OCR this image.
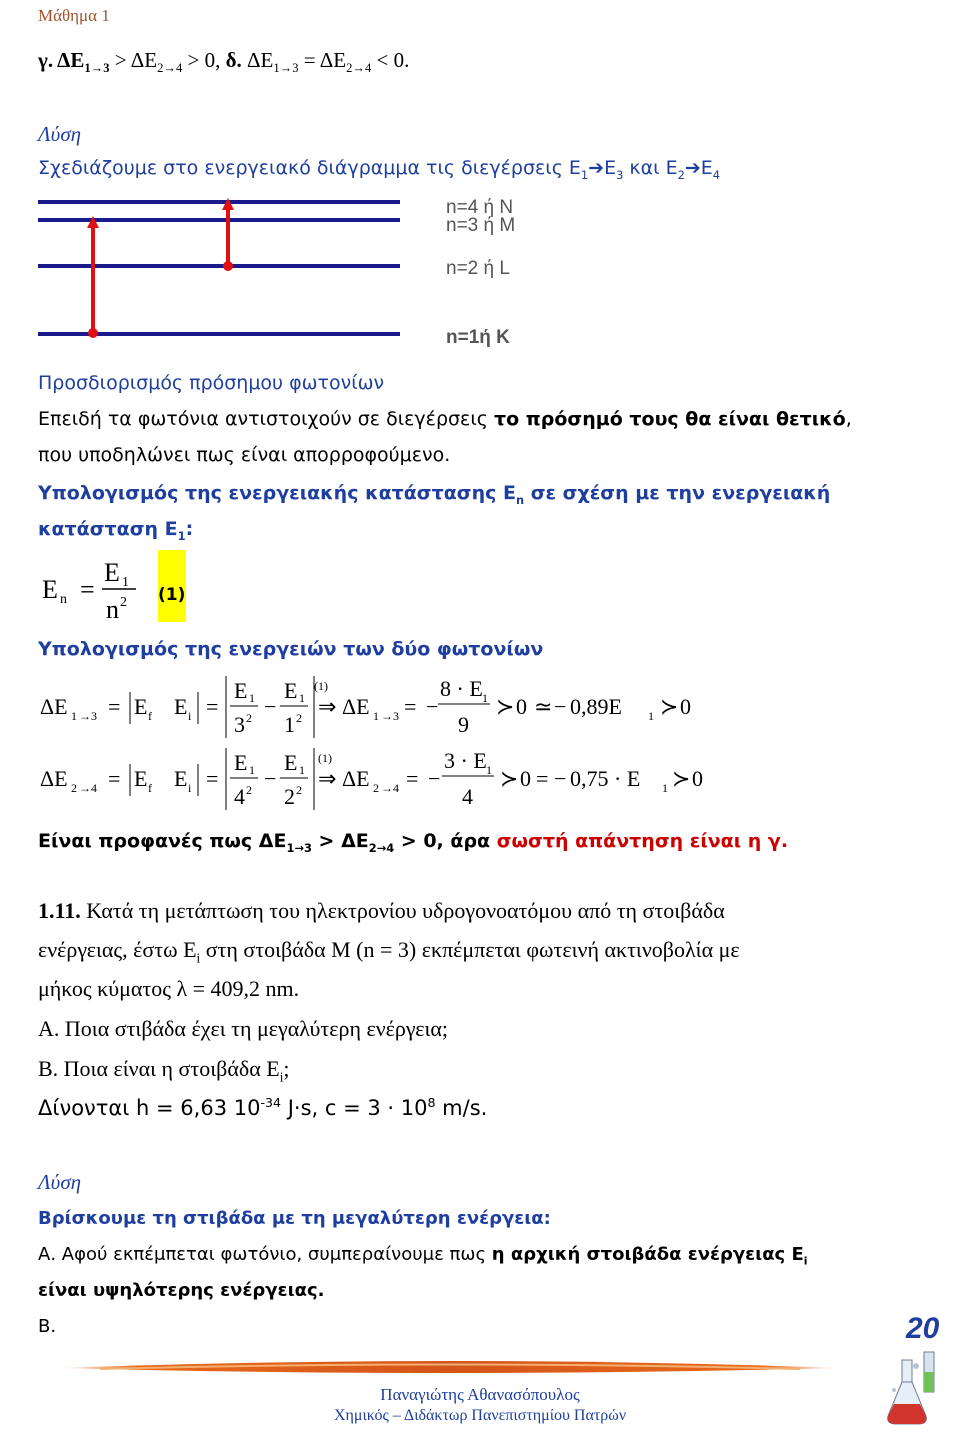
Μάθημα 1
γ. $\Delta E_{1\to 3} > \Delta E_{2\to 4} > 0$, δ. $\Delta E_{1\to 3} = \Delta E_{2\to 4} < 0$.
Λύση
Σχεδιάζουμε στο ενεργειακό διάγραμμα τις διεγέρσεις $E_1➔E_3$ και $E_2➔E_4$
n=4 ή N
n=3 ή M
n=2 ή L
n=1ή K
Προσδιορισμός πρόσημου φωτονίων
Επειδή τα φωτόνια αντιστοιχούν σε διεγέρσεις το πρόσημό τους θα είναι θετικό,
που υποδηλώνει πως είναι απορροφούμενο.
Υπολογισμός της ενεργειακής κατάστασης $E_n$ σε σχέση με την ενεργειακή
κατάσταση $E_1$:
E n =
E 1
n 2 (1)
Υπολογισμός της ενεργειών των δύο φωτονίων
ΔE 1 → 3 = E f E i =
E 1
3 2 −
E 1
1 2
(1)
⇒ ΔE 1 → 3 = −
8 · E 1
9
≻ 0 ≃ − 0,89E 1 ≻ 0
ΔE 2 → 4 = E f E i =
E 1
4 2 −
E 1
2 2
(1)
⇒ ΔE 2 → 4 = −
3 · E 1
4
≻ 0 = − 0,75 · E 1 ≻ 0
Είναι προφανές πως $\Delta E_{1\to 3} > \Delta E_{2\to 4} > 0$, άρα σωστή απάντηση είναι η γ.
1.11. Κατά τη μετάπτωση του ηλεκτρονίου υδρογονοατόμου από τη στοιβάδα
ενέργειας, έστω $E_i$ στη στοιβάδα Μ (n = 3) εκπέμπεται φωτεινή ακτινοβολία με
μήκος κύματος λ = 409,2 nm.
Α. Ποια στιβάδα έχει τη μεγαλύτερη ενέργεια;
Β. Ποια είναι η στοιβάδα $E_i$;
Δίνονται h = 6,63 $10^{-34}$ J·s, $c = 3 \cdot 10^8$ m/s.
Λύση
Βρίσκουμε τη στιβάδα με τη μεγαλύτερη ενέργεια:
Α. Αφού εκπέμπεται φωτόνιο, συμπεραίνουμε πως η αρχική στοιβάδα ενέργειας $E_i$
είναι υψηλότερης ενέργειας.
Β.	20
Παναγιώτης Αθανασόπουλος
Χημικός – Διδάκτωρ Πανεπιστημίου Πατρών
